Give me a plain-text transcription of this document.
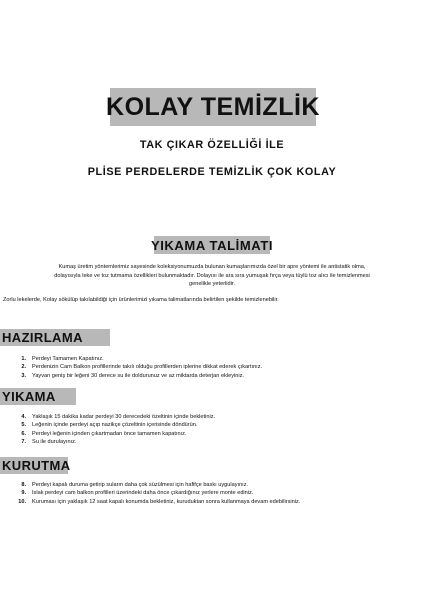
KOLAY TEMİZLİK
TAK ÇIKAR ÖZELLİĞİ İLE
PLİSE PERDELERDE TEMİZLİK ÇOK KOLAY
YIKAMA TALİMATI
Kumaş üretim yöntemlerimiz sayesinde koleksiyonumuzda bulunan kumaşlarımızda özel bir apre yöntemi ile antistatik olma,
dolayısıyla leke ve toz tutmama özellikleri bulunmaktadır. Dolayısı ile ara sıra yumuşak fırça veya tüylü toz alıcı ile temizlenmesi
genelikle yeterlidir.
Zorlu lekelerde, Kolay sökülüp takılabildiği için ürünlerimizi yıkama talimatlarında belirtilen şekilde temizlenebilir.
HAZIRLAMA
1.	Perdeyi Tamamen Kapatınız.
2.	Perdenizin Cam Balkon profillerinde takılı olduğu profillerden iplerine dikkat ederek çıkartınız.
3.	Yayvan geniş bir leğeni 30 derece su ile doldurunuz ve az miktarda deterjan ekleyiniz.
YIKAMA
4.	Yaklaşık 15 dakika kadar perdeyi 30 derecedeki özeltinin içinde bekletiniz.
5.	Leğenin içinde perdeyi açıp nazikçe çözeltinin içerisinde döndürün.
6.	Perdeyi leğenin içinden çıkartmadan önce tamamen kapatınız.
7.	Su ile durulayınız.
KURUTMA
8.	Perdeyi kapalı duruma getirip suların daha çok süzülmesi için hafifçe baskı uygulayınız.
9.	Islak perdeyi cam balkon profilleri üzerindeki daha önce çıkardığınız yerlere monte ediniz.
10.	Kuruması için yaklaşık 12 saat kapalı konumda bekletiniz, kuruduktan sonra kullanmaya devam edebilirsiniz.
